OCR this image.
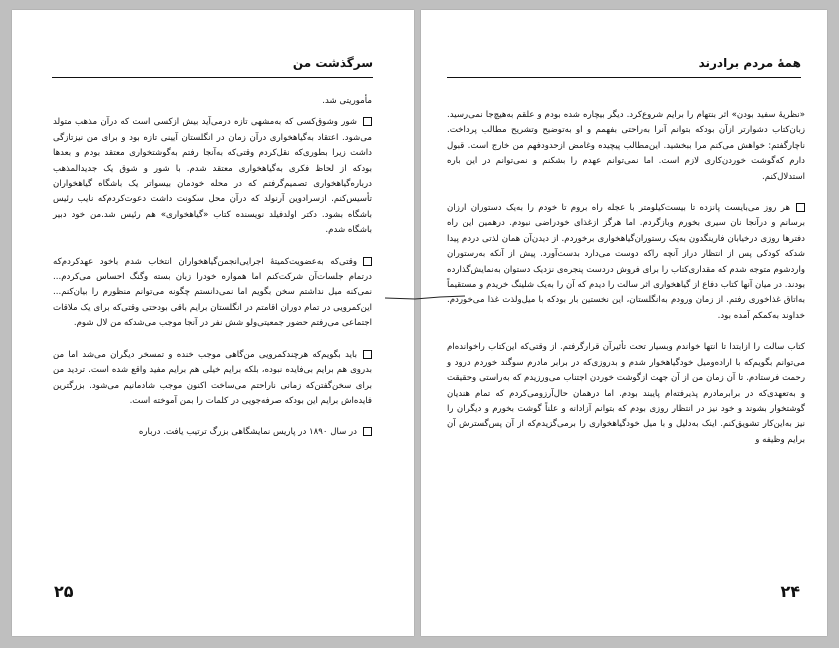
سرگذشت من

مأموریتی شد.

شور وشوق‌کسی که به‌مشهی تازه درمی‌آید بیش ازکسی است که درآن مذهب متولد می‌شود. اعتقاد به‌گیاهخواری درآن زمان در انگلستان آیینی تازه بود و برای من نیزتازگی داشت زیرا بطوری‌که نقل‌کردم وقتی‌که به‌آنجا رفتم به‌گوشتخواری معتقد بودم و بعدها بودکه از لحاظ فکری به‌گیاهخواری معتقد شدم. با شور و شوق یک جدیدالمذهب درباره‌گیاهخواری تصمیم‌گرفتم که در محله خودمان بیسواتر یک باشگاه گیاهخواران تأسیس‌کنم. ازسرادوین آرنولد که درآن محل سکونت داشت دعوت‌کردم‌که نایب رئیس باشگاه بشود. دکتر اولدفیلد نویسنده کتاب «گیاهخواری» هم رئیس شد.من خود دبیر باشگاه شدم.

وقتی‌که به‌عضویت‌کمیتهٔ اجرایی‌انجمن‌گیاهخواران انتخاب شدم باخود عهدکردم‌که درتمام جلسات‌آن شرکت‌کنم اما همواره خودرا زبان بسته وگنگ احساس می‌کردم... نمی‌کنه میل نداشتم سخن بگویم اما نمی‌دانستم چگونه می‌توانم منظورم را بیان‌کنم... این‌کمرویی در تمام دوران اقامتم در انگلستان برایم باقی بودحتی وقتی‌که برای یک ملاقات اجتماعی می‌رفتم حضور جمعیتی‌ولو شش نفر در آنجا موجب می‌شدکه من لال شوم.

باید بگویم‌که هرچندکمرویی من‌گاهی موجب خنده و تمسخر دیگران می‌شد اما من بدروی هم برایم بی‌فایده نبوده، بلکه برایم خیلی هم برایم مفید واقع شده است. تردید من برای سخن‌گفتن‌که زمانی ناراحتم می‌ساخت اکنون موجب شادمانیم می‌شود. بزرگترین فایده‌اش برایم این بودکه صرفه‌جویی در کلمات را بمن آموخته است.

در سال ۱۸۹۰ در پاریس نمایشگاهی بزرگ ترتیب یافت. درباره

۲۵
همهٔ مردم برادرند

«نظریهٔ سفید بودن» اثر بنتهام را برایم شروع‌کرد. دیگر بیچاره شده بودم و علقم به‌هیچ‌جا نمی‌رسید. زبان‌کتاب دشوارتر ازآن بودکه بتوانم آنرا به‌راحتی بفهمم و او به‌توضیح وتشریح مطالب پرداخت. ناچارگفتم: خواهش می‌کنم مرا ببخشید. این‌مطالب پیچیده وغامض ازحدودفهم من خارج است. قبول دارم که‌گوشت خوردن‌کاری لازم است. اما نمی‌توانم عهدم را بشکنم و نمی‌توانم در این باره استدلال‌کنم.

هر روز می‌بایست پانزده تا بیست‌کیلومتر با عجله راه بروم تا خودم را به‌یک دستوران ارزان برسانم و درآنجا نان سیری بخورم وبازگردم. اما هرگز ازغذای خودراضی نبودم. درهمین این راه دفترها روزی درخیابان فارینگدون به‌یک رستوران‌گیاهخواری برخوردم. از دیدن‌آن همان لذتی دردم پیدا شدکه کودکی پس از انتظار دراز آنچه را‌که دوست می‌دارد بدست‌آورد. پیش از آنکه به‌رستوران واردشوم متوجه شدم که مقداری‌کتاب را برای فروش دردست پنجره‌ی نزدیک دستوان به‌نمایش‌گذارده بودند. در میان آنها کتاب دفاع از گیاهخواری اثر سالت را دیدم که آن را به‌یک شلینگ خریدم و مستقیماً به‌اتاق غذاخوری رفتم. از زمان ورودم به‌انگلستان، این نخستین بار بودکه با میل‌ولذت غذا می‌خوردم. خداوند به‌کمکم آمده بود.

کتاب سالت را ازابتدا تا انتها خواندم وبسیار تحت تأثیرآن قرارگرفتم. از وقتی‌که این‌کتاب راخوانده‌ام می‌توانم بگویم‌که با اراده‌ومیل خودگیاهخوار شدم و بدروزی‌که در برابر مادرم سوگند خوردم درود و رحمت فرستادم. تا آن زمان من از آن جهت ازگوشت خوردن اجتناب می‌ورزیدم که به‌راستی وحقیقت و به‌تعهدی‌که در برابرمادرم پذیرفته‌ام پایبند بودم. اما درهمان حال‌آرزومی‌کردم که تمام هندیان گوشتخوار بشوند و خود نیز در انتظار روزی بودم که بتوانم آزادانه و علناً گوشت بخورم و دیگران را نیز به‌این‌کار تشویق‌کنم. اینک به‌دلیل و با میل خودگیاهخواری را برمی‌گزیدم‌که از آن پس‌گسترش آن برایم وظیفه و

۲۴
